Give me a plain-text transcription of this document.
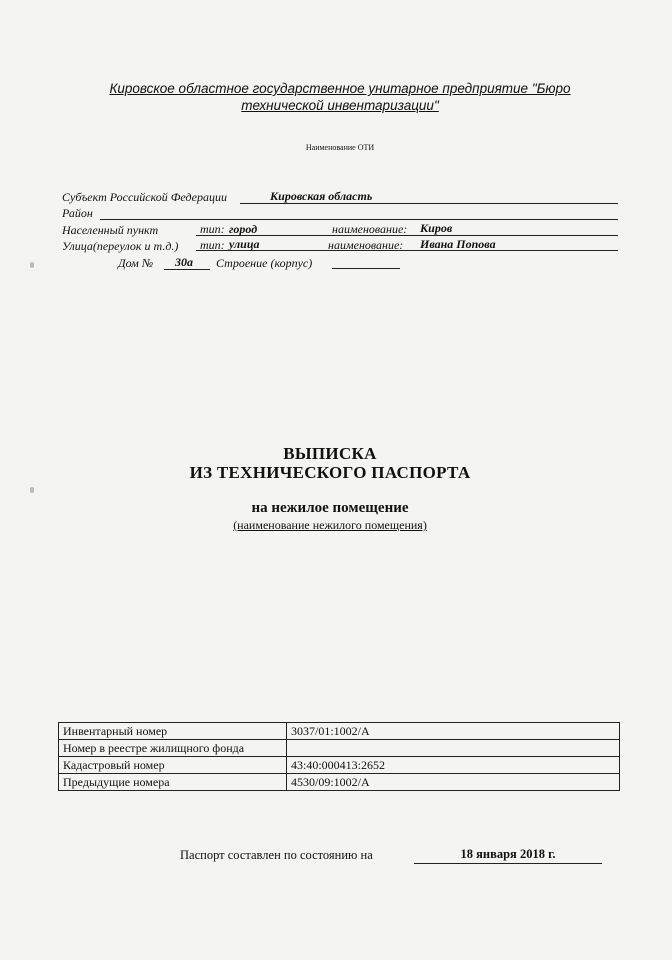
Кировское областное государственное унитарное предприятие "Бюро
технической инвентаризации"
Наименование ОТИ
Субъект Российской Федерации	Кировская область
Район
Населенный пункт	тип: город	наименование: Киров
Улица(переулок и т.д.) тип: улица	наименование: Ивана Попова
Дом № 30а Строение (корпус)
ВЫПИСКА
ИЗ ТЕХНИЧЕСКОГО ПАСПОРТА
на нежилое помещение
(наименование нежилого помещения)
Инвентарный номер	3037/01:1002/А
Номер в реестре жилищного фонда	
Кадастровый номер	43:40:000413:2652
Предыдущие номера	4530/09:1002/А
Паспорт составлен по состоянию на	18 января 2018 г.
